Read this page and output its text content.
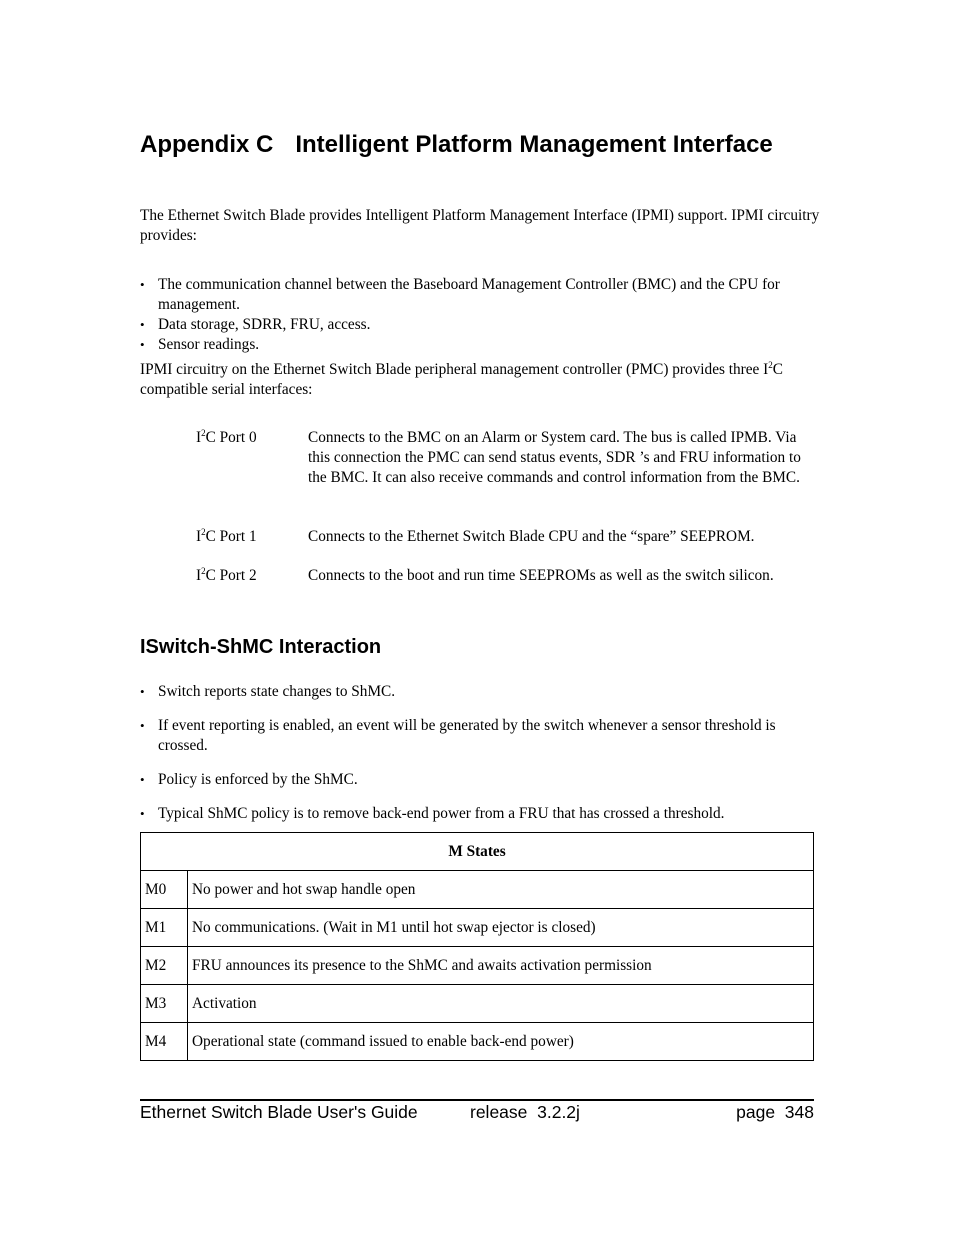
Appendix C Intelligent Platform Management Interface

The Ethernet Switch Blade provides Intelligent Platform Management Interface (IPMI) support. IPMI circuitry provides:

• The communication channel between the Baseboard Management Controller (BMC) and the CPU for management.
• Data storage, SDRR, FRU, access.
• Sensor readings.

IPMI circuitry on the Ethernet Switch Blade peripheral management controller (PMC) provides three $I^2C$ compatible serial interfaces:

$I^2C$ Port 0	Connects to the BMC on an Alarm or System card. The bus is called IPMB. Via this connection the PMC can send status events, SDR ’s and FRU information to the BMC. It can also receive commands and control information from the BMC.
$I^2C$ Port 1	Connects to the Ethernet Switch Blade CPU and the “spare” SEEPROM.
$I^2C$ Port 2	Connects to the boot and run time SEEPROMs as well as the switch silicon.
ISwitch-ShMC Interaction
• Switch reports state changes to ShMC.
• If event reporting is enabled, an event will be generated by the switch whenever a sensor threshold is crossed.
• Policy is enforced by the ShMC.
• Typical ShMC policy is to remove back-end power from a FRU that has crossed a threshold.
M States	
M0	No power and hot swap handle open
M1	No communications. (Wait in M1 until hot swap ejector is closed)
M2	FRU announces its presence to the ShMC and awaits activation permission
M3	Activation
M4	Operational state (command issued to enable back-end power)
Ethernet Switch Blade User's Guide	release  3.2.2j	page  348
